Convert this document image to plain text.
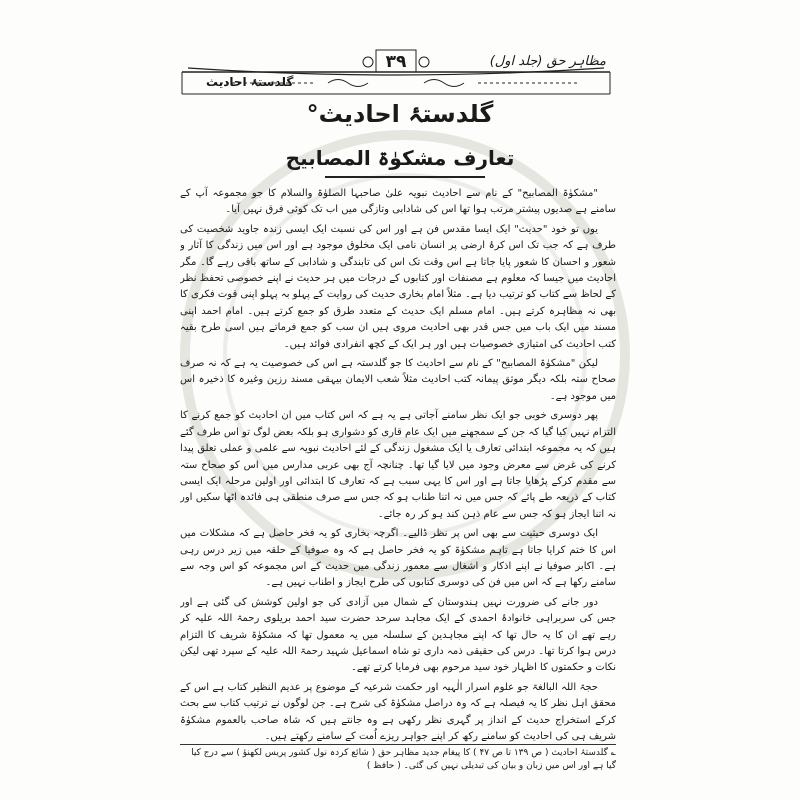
۳۹	مظاہر حق (جلد اول)
گلدستۂ احادیث
گلدستۂ احادیث°
تعارف مشکوٰۃ المصابیح

"مشکوٰۃ المصابیح" کے نام سے احادیث نبویہ علیٰ صاحبہا الصلوٰۃ والسلام کا جو مجموعہ آپ کے سامنے ہے صدیوں پیشتر مرتب ہوا تھا اس کی شادابی وتازگی میں اب تک کوئی فرق نہیں آیا۔

یوں تو خود "حدیث" ایک ایسا مقدس فن ہے اور اس کی نسبت ایک ایسی زندہ جاوید شخصیت کی طرف ہے کہ جب تک اس کرۂ ارضی پر انسان نامی ایک مخلوق موجود ہے اور اس میں زندگی کا آثار و شعور و احسان کا شعور پایا جاتا ہے اس وقت تک اس کی تابندگی و شادابی کے ساتھ باقی رہے گا۔ مگر احادیث میں جیسا کہ معلوم ہے مصنفات اور کتابوں کے درجات میں ہر حدیث نے اپنے خصوصی تحفظ نظر کے لحاظ سے کتاب کو ترتیب دیا ہے۔ مثلاً امام بخاری حدیث کی روایت کے پہلو بہ پہلو اپنی قوت فکری کا بھی نہ مظاہرہ کرتے ہیں۔ امام مسلم ایک حدیث کے متعدد طرق کو جمع کرتے ہیں۔ امام احمد اپنی مسند میں ایک باب میں جس قدر بھی احادیث مروی ہیں ان سب کو جمع فرماتے ہیں اسی طرح بقیہ کتب احادیث کی امتیازی خصوصیات ہیں اور ہر ایک کے کچھ انفرادی فوائد ہیں۔

لیکن "مشکوٰۃ المصابیح" کے نام سے احادیث کا جو گلدستہ ہے اس کی خصوصیت یہ ہے کہ نہ صرف صحاح ستہ بلکہ دیگر موثق پیمانہ کتب احادیث مثلاً شعب الایمان بیہقی مسند رزین وغیرہ کا ذخیرہ اس میں موجود ہے۔

پھر دوسری خوبی جو ایک نظر سامنے آجاتی ہے یہ ہے کہ اس کتاب میں ان احادیث کو جمع کرنے کا التزام نہیں کیا گیا کہ جن کے سمجھنے میں ایک عام قاری کو دشواری ہو بلکہ بعض لوگ تو اس طرف گئے ہیں کہ یہ مجموعہ ابتدائی تعارف یا ایک مشغول زندگی کے لئے احادیث نبویہ سے علمی و عملی تعلق پیدا کرنے کی غرض سے معرض وجود میں لایا گیا تھا۔ چنانچہ آج بھی عربی مدارس میں اس کو صحاح ستہ سے مقدم کرکے پڑھایا جاتا ہے اور اس کا یہی سبب ہے کہ تعارف کا ابتدائی اور اولین مرحلہ ایک ایسی کتاب کے ذریعہ طے پائے کہ جس میں نہ اتنا طناب ہو کہ جس سے صرف منطقی ہی فائدہ اٹھا سکیں اور نہ اتنا ایجاز ہو کہ جس سے عام ذہن کند ہو کر رہ جائے۔

ایک دوسری حیثیت سے بھی اس پر نظر ڈالیے۔ اگرچہ بخاری کو یہ فخر حاصل ہے کہ مشکلات میں اس کا ختم کرایا جاتا ہے تاہم مشکوٰۃ کو یہ فخر حاصل ہے کہ وہ صوفیا کے حلقہ میں زیر درس رہی ہے۔ اکابر صوفیا نے اپنے اذکار و اشغال سے معمور زندگی میں حدیث کے اس مجموعہ کو اس وجہ سے سامنے رکھا ہے کہ اس میں فن کی دوسری کتابوں کی طرح ایجاز و اطناب نہیں ہے۔

دور جانے کی ضرورت نہیں ہندوستان کے شمال میں آزادی کی جو اولین کوشش کی گئی ہے اور جس کی سربراہی خانوادۂ احمدی کے ایک مجاہد سرحد حضرت سید احمد بریلوی رحمۃ اللہ علیہ کر رہے تھے ان کا یہ حال تھا کہ اپنے مجاہدین کے سلسلہ میں یہ معمول تھا کہ مشکوٰۃ شریف کا التزام درس ہوا کرتا تھا۔ درس کی حقیقی ذمہ داری تو شاہ اسماعیل شہید رحمۃ اللہ علیہ کے سپرد تھی لیکن نکات و حکمتوں کا اظہار خود سید مرحوم بھی فرمایا کرتے تھے۔

حجۃ اللہ البالغۃ جو علوم اسرار الٰہیہ اور حکمت شرعیہ کے موضوع پر عدیم النظیر کتاب ہے اس کے محقق اہل نظر کا یہ فیصلہ ہے کہ وہ دراصل مشکوٰۃ کی شرح ہے۔ جن لوگوں نے ترتیب کتاب سے بحث کرکے استخراج حدیث کے انداز پر گہری نظر رکھی ہے وہ جانتے ہیں کہ شاہ صاحب بالعموم مشکوٰۃ شریف ہی کی احادیث کو سامنے رکھ کر اپنے جواہر ریزے اُمت کے سامنے رکھتے ہیں۔

؎ گلدستۂ احادیث ( ص ۱۳۹ تا ص ۴۷ ) کا پیغام جدید مظاہر حق ( شائع کردہ نول کشور پریس لکھنؤ ) سے درج کیا گیا ہے اور اس میں زبان و بیان کی تبدیلی نہیں کی گئی۔ ( حافظ )
